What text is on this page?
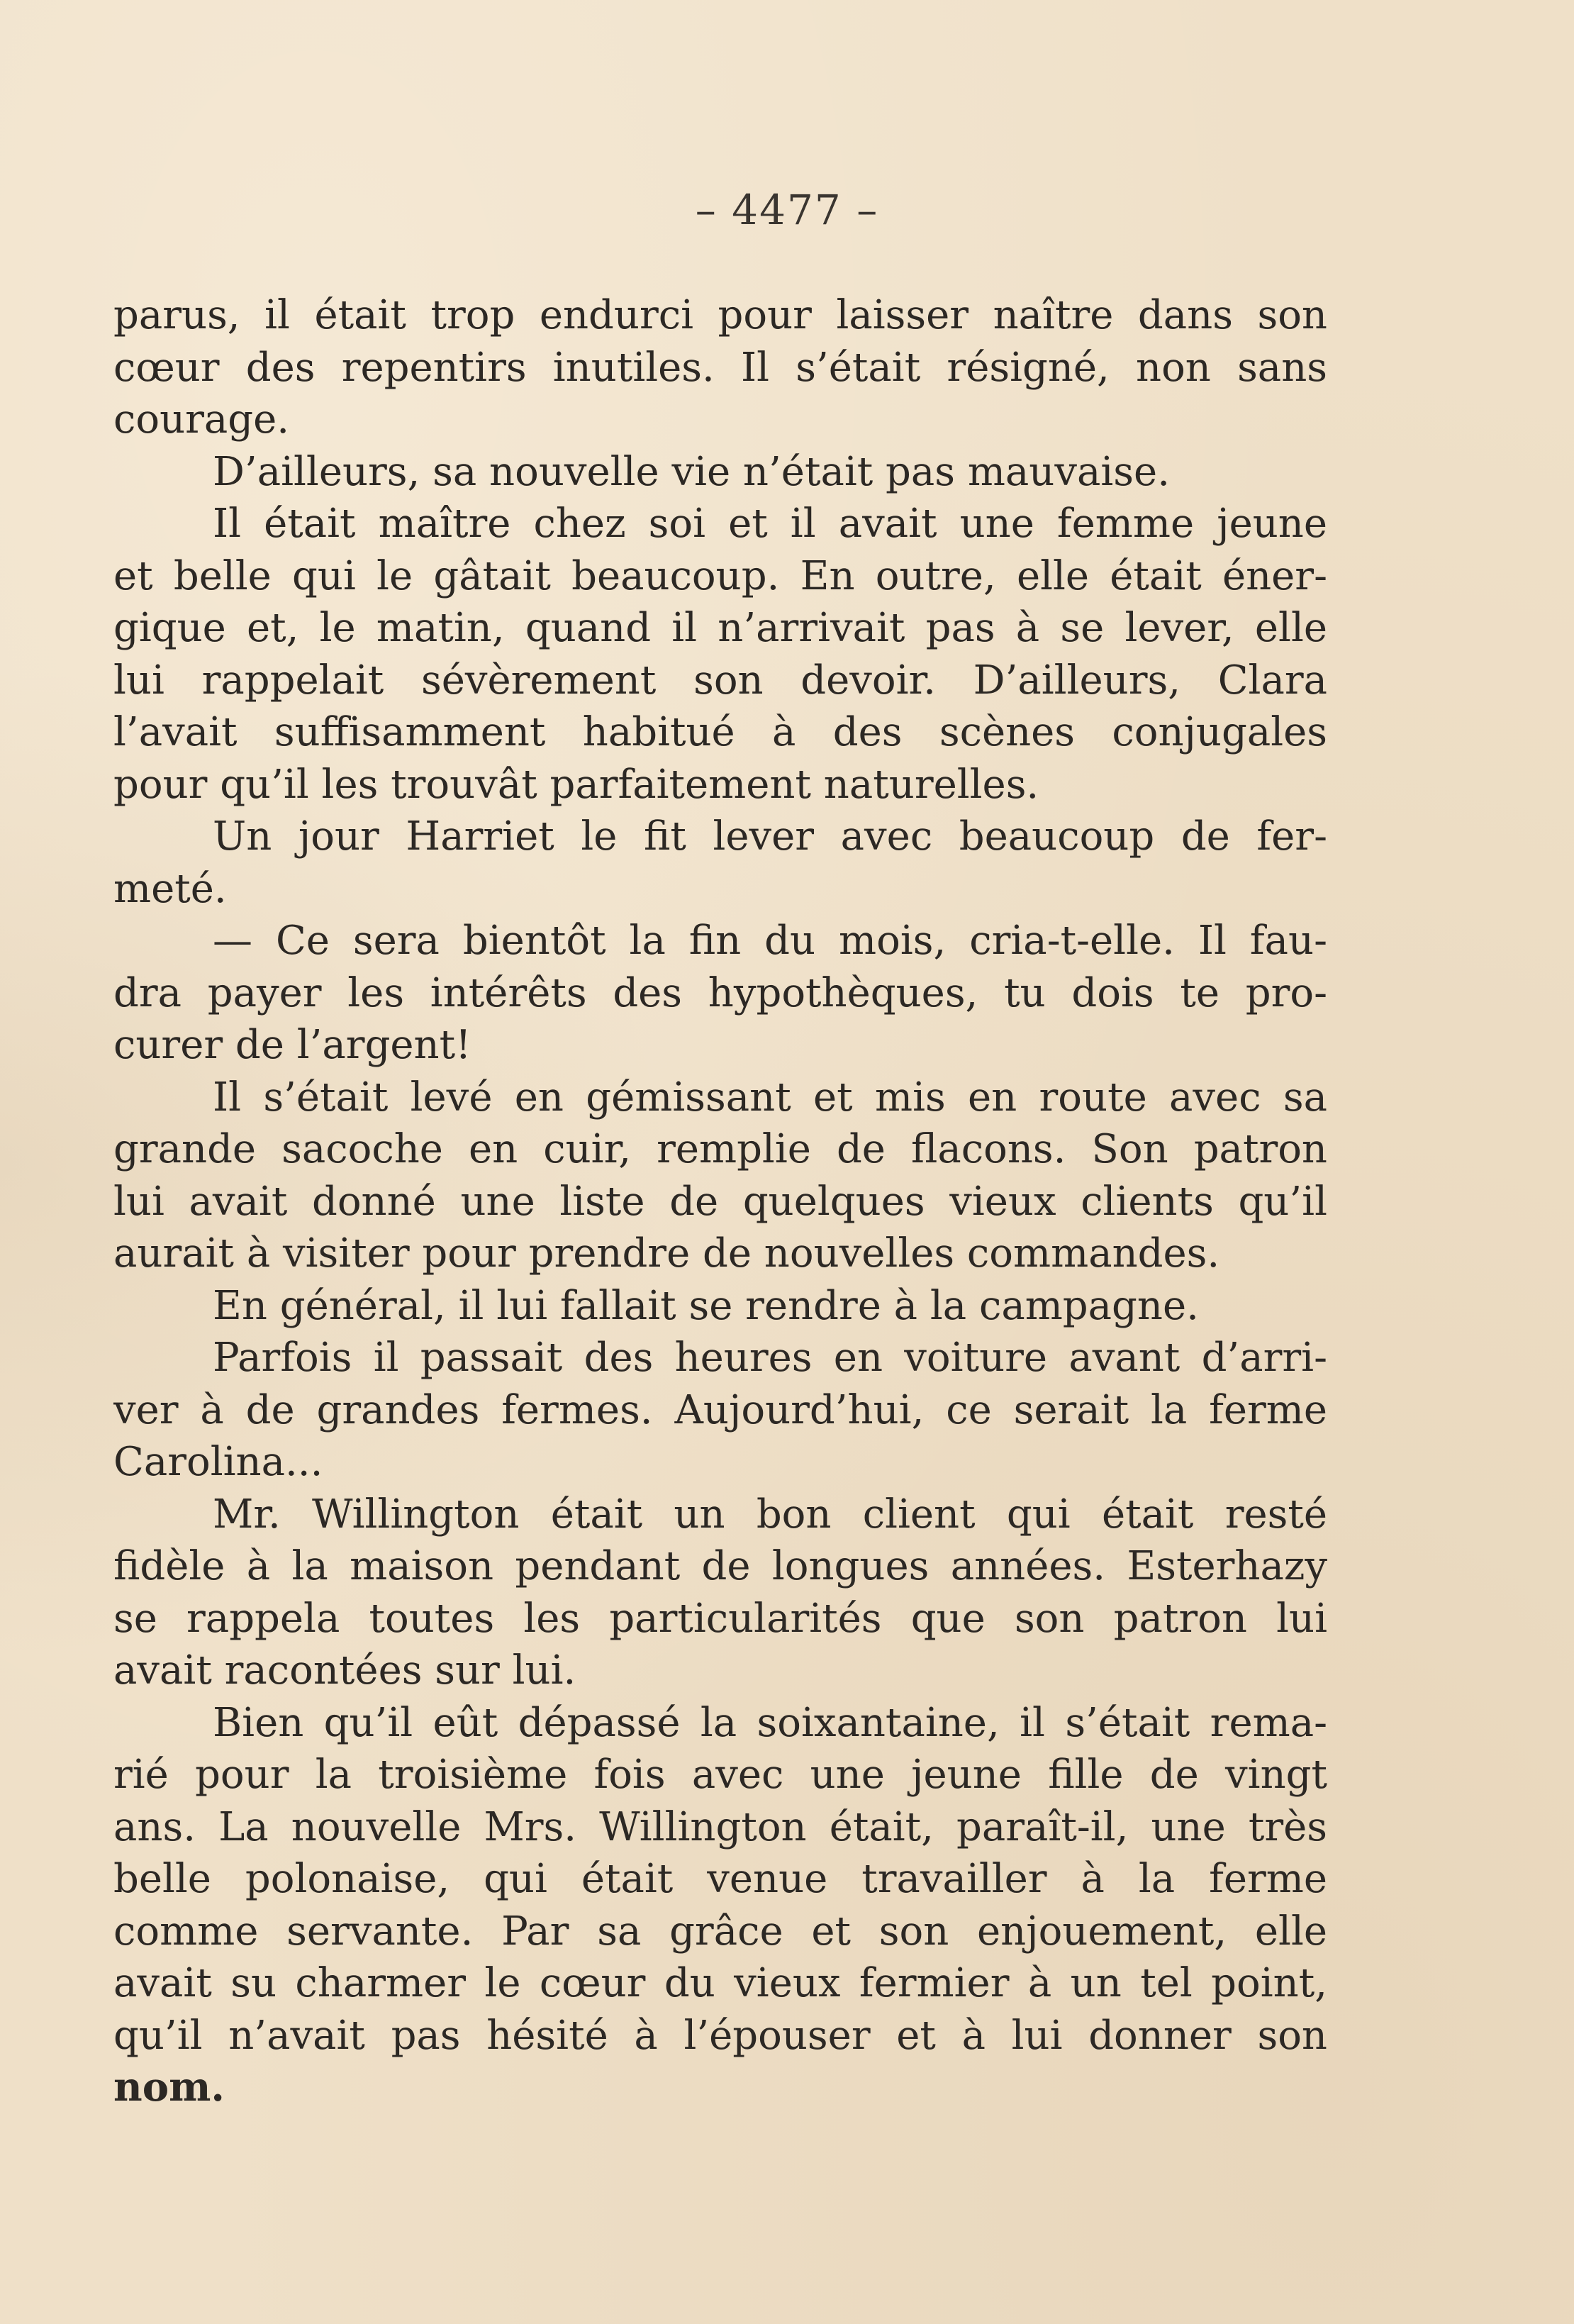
– 4477 –
parus, il était trop endurci pour laisser naître dans son
cœur des repentirs inutiles. Il s’était résigné, non sans
courage.
D’ailleurs, sa nouvelle vie n’était pas mauvaise.
Il était maître chez soi et il avait une femme jeune
et belle qui le gâtait beaucoup. En outre, elle était éner-
gique et, le matin, quand il n’arrivait pas à se lever, elle
lui rappelait sévèrement son devoir. D’ailleurs, Clara
l’avait suffisamment habitué à des scènes conjugales
pour qu’il les trouvât parfaitement naturelles.
Un jour Harriet le fit lever avec beaucoup de fer-
meté.
— Ce sera bientôt la fin du mois, cria-t-elle. Il fau-
dra payer les intérêts des hypothèques, tu dois te pro-
curer de l’argent!
Il s’était levé en gémissant et mis en route avec sa
grande sacoche en cuir, remplie de flacons. Son patron
lui avait donné une liste de quelques vieux clients qu’il
aurait à visiter pour prendre de nouvelles commandes.
En général, il lui fallait se rendre à la campagne.
Parfois il passait des heures en voiture avant d’arri-
ver à de grandes fermes. Aujourd’hui, ce serait la ferme
Carolina...
Mr. Willington était un bon client qui était resté
fidèle à la maison pendant de longues années. Esterhazy
se rappela toutes les particularités que son patron lui
avait racontées sur lui.
Bien qu’il eût dépassé la soixantaine, il s’était rema-
rié pour la troisième fois avec une jeune fille de vingt
ans. La nouvelle Mrs. Willington était, paraît-il, une très
belle polonaise, qui était venue travailler à la ferme
comme servante. Par sa grâce et son enjouement, elle
avait su charmer le cœur du vieux fermier à un tel point,
qu’il n’avait pas hésité à l’épouser et à lui donner son
nom.
